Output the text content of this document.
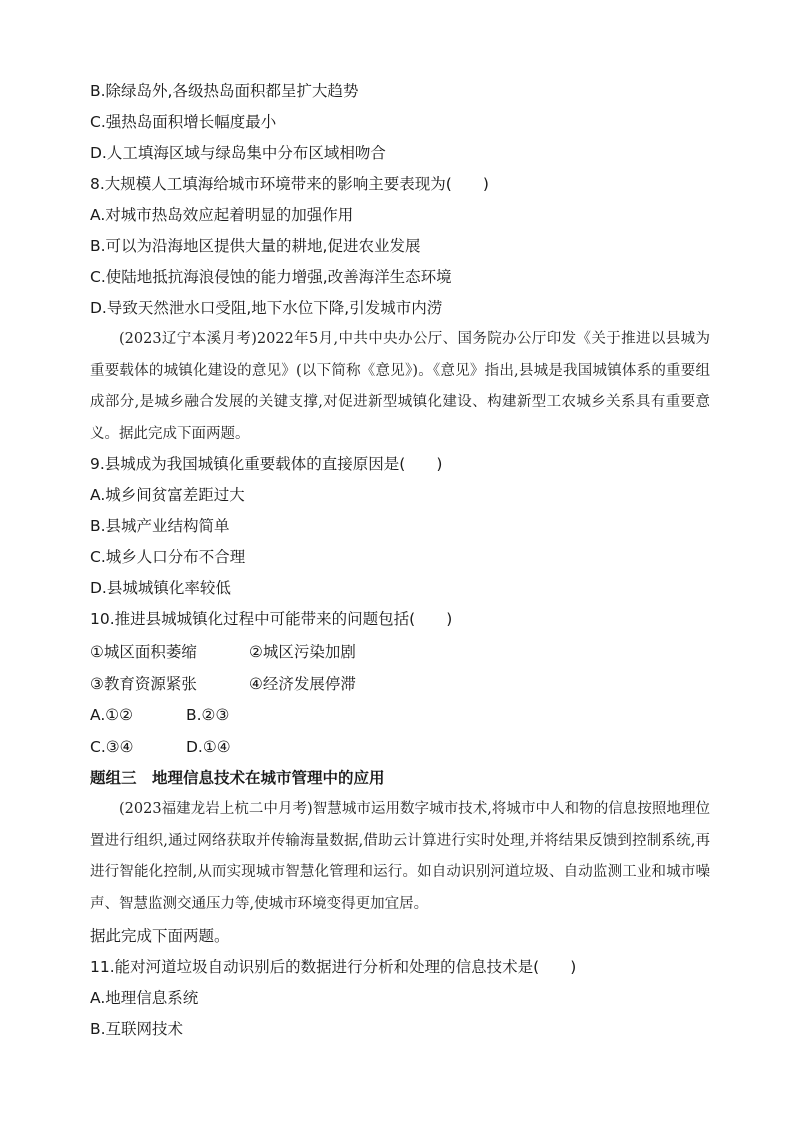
B.除绿岛外,各级热岛面积都呈扩大趋势
C.强热岛面积增长幅度最小
D.人工填海区域与绿岛集中分布区域相吻合
8.大规模人工填海给城市环境带来的影响主要表现为(　　)
A.对城市热岛效应起着明显的加强作用
B.可以为沿海地区提供大量的耕地,促进农业发展
C.使陆地抵抗海浪侵蚀的能力增强,改善海洋生态环境
D.导致天然泄水口受阻,地下水位下降,引发城市内涝
(2023辽宁本溪月考)2022年5月,中共中央办公厅、国务院办公厅印发《关于推进以县城为重要载体的城镇化建设的意见》(以下简称《意见》)。《意见》指出,县城是我国城镇体系的重要组成部分,是城乡融合发展的关键支撑,对促进新型城镇化建设、构建新型工农城乡关系具有重要意义。据此完成下面两题。
9.县城成为我国城镇化重要载体的直接原因是(　　)
A.城乡间贫富差距过大
B.县城产业结构简单
C.城乡人口分布不合理
D.县城城镇化率较低
10.推进县城城镇化过程中可能带来的问题包括(　　)
①城区面积萎缩	②城区污染加剧
③教育资源紧张	④经济发展停滞
A.①②	B.②③
C.③④	D.①④
题组三　地理信息技术在城市管理中的应用
(2023福建龙岩上杭二中月考)智慧城市运用数字城市技术,将城市中人和物的信息按照地理位置进行组织,通过网络获取并传输海量数据,借助云计算进行实时处理,并将结果反馈到控制系统,再进行智能化控制,从而实现城市智慧化管理和运行。如自动识别河道垃圾、自动监测工业和城市噪声、智慧监测交通压力等,使城市环境变得更加宜居。
据此完成下面两题。
11.能对河道垃圾自动识别后的数据进行分析和处理的信息技术是(　　)
A.地理信息系统
B.互联网技术
